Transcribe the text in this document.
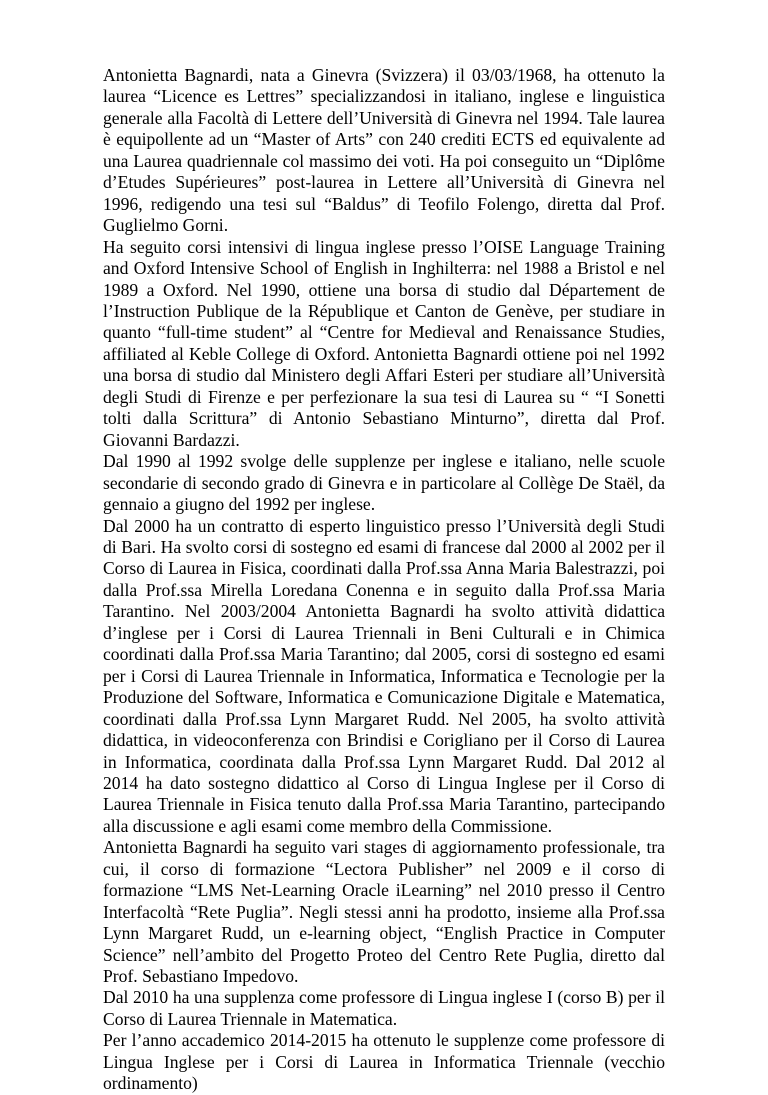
Antonietta Bagnardi, nata a Ginevra (Svizzera) il 03/03/1968, ha ottenuto la laurea “Licence es Lettres” specializzandosi in italiano, inglese e linguistica generale alla Facoltà di Lettere dell’Università di Ginevra nel 1994. Tale laurea è equipollente ad un “Master of Arts” con 240 crediti ECTS ed equivalente ad una Laurea quadriennale col massimo dei voti. Ha poi conseguito un “Diplôme d’Etudes Supérieures” post-laurea in Lettere all’Università di Ginevra nel 1996, redigendo una tesi sul “Baldus” di Teofilo Folengo, diretta dal Prof. Guglielmo Gorni.

Ha seguito corsi intensivi di lingua inglese presso l’OISE Language Training and Oxford Intensive School of English in Inghilterra: nel 1988 a Bristol e nel 1989 a Oxford. Nel 1990, ottiene una borsa di studio dal Département de l’Instruction Publique de la République et Canton de Genève, per studiare in quanto “full-time student” al “Centre for Medieval and Renaissance Studies, affiliated al Keble College di Oxford. Antonietta Bagnardi ottiene poi nel 1992 una borsa di studio dal Ministero degli Affari Esteri per studiare all’Università degli Studi di Firenze e per perfezionare la sua tesi di Laurea su “ “I Sonetti tolti dalla Scrittura” di Antonio Sebastiano Minturno”, diretta dal Prof. Giovanni Bardazzi.

Dal 1990 al 1992 svolge delle supplenze per inglese e italiano, nelle scuole secondarie di secondo grado di Ginevra e in particolare al Collège De Staël, da gennaio a giugno del 1992 per inglese.

Dal 2000 ha un contratto di esperto linguistico presso l’Università degli Studi di Bari. Ha svolto corsi di sostegno ed esami di francese dal 2000 al 2002 per il Corso di Laurea in Fisica, coordinati dalla Prof.ssa Anna Maria Balestrazzi, poi dalla Prof.ssa Mirella Loredana Conenna e in seguito dalla Prof.ssa Maria Tarantino. Nel 2003/2004 Antonietta Bagnardi ha svolto attività didattica d’inglese per i Corsi di Laurea Triennali in Beni Culturali e in Chimica coordinati dalla Prof.ssa Maria Tarantino; dal 2005, corsi di sostegno ed esami per i Corsi di Laurea Triennale in Informatica, Informatica e Tecnologie per la Produzione del Software, Informatica e Comunicazione Digitale e Matematica, coordinati dalla Prof.ssa Lynn Margaret Rudd. Nel 2005, ha svolto attività didattica, in videoconferenza con Brindisi e Corigliano per il Corso di Laurea in Informatica, coordinata dalla Prof.ssa Lynn Margaret Rudd. Dal 2012 al 2014 ha dato sostegno didattico al Corso di Lingua Inglese per il Corso di Laurea Triennale in Fisica tenuto dalla Prof.ssa Maria Tarantino, partecipando alla discussione e agli esami come membro della Commissione.

Antonietta Bagnardi ha seguito vari stages di aggiornamento professionale, tra cui, il corso di formazione “Lectora Publisher” nel 2009 e il corso di formazione “LMS Net-Learning Oracle iLearning” nel 2010 presso il Centro Interfacoltà “Rete Puglia”. Negli stessi anni ha prodotto, insieme alla Prof.ssa Lynn Margaret Rudd, un e-learning object, “English Practice in Computer Science” nell’ambito del Progetto Proteo del Centro Rete Puglia, diretto dal Prof. Sebastiano Impedovo.

Dal 2010 ha una supplenza come professore di Lingua inglese I (corso B) per il Corso di Laurea Triennale in Matematica.

Per l’anno accademico 2014-2015 ha ottenuto le supplenze come professore di Lingua Inglese per i Corsi di Laurea in Informatica Triennale (vecchio ordinamento)
